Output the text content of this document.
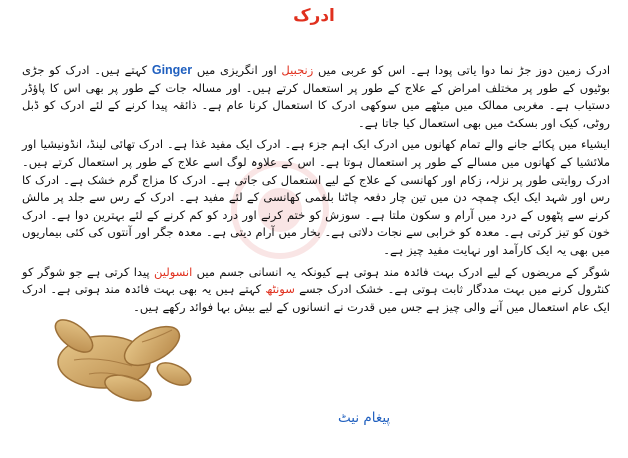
ادرک

ادرک زمین دوز جڑ نما دوا یاتی پودا ہے۔ اس کو عربی میں زنجبیل اور انگریزی میں Ginger کہتے ہیں۔ ادرک کو جڑی بوٹیوں کے طور پر مختلف امراض کے علاج کے طور پر استعمال کرتے ہیں۔ اور مسالہ جات کے طور پر بھی اس کا پاؤڈر دستیاب ہے۔ مغربی ممالک میں میٹھے میں سوکھی ادرک کا استعمال کرنا عام ہے۔ ذائقہ پیدا کرنے کے لئے ادرک کو ڈبل روٹی، کیک اور بسکٹ میں بھی استعمال کیا جاتا ہے۔

ایشیاء میں پکائے جانے والے تمام کھانوں میں ادرک ایک اہم جزء ہے۔ ادرک ایک مفید غذا ہے۔ ادرک تھائی لینڈ، انڈونیشیا اور ملائشیا کے کھانوں میں مسالے کے طور پر استعمال ہوتا ہے۔ اس کے علاوہ لوگ اسے علاج کے طور پر استعمال کرتے ہیں۔ ادرک روایتی طور پر نزلہ، زکام اور کھانسی کے علاج کے لیے استعمال کی جاتی ہے۔ ادرک کا مزاج گرم خشک ہے۔ ادرک کا رس اور شہد ایک ایک چمچہ دن میں تین چار دفعہ چاٹنا بلغمی کھانسی کے لئے مفید ہے۔ ادرک کے رس سے جلد پر مالش کرنے سے پٹھوں کے درد میں آرام و سکون ملتا ہے۔ سوزش کو ختم کرنے اور درد کو کم کرنے کے لئے بہترین دوا ہے۔ ادرک خون کو تیز کرتی ہے۔ معدہ کو خرابی سے نجات دلاتی ہے۔ بخار میں آرام دیتی ہے۔ معدہ جگر اور آنتوں کی کئی بیماریوں میں بھی یہ ایک کارآمد اور نہایت مفید چیز ہے۔

شوگر کے مریضوں کے لیے ادرک بہت فائدہ مند ہوتی ہے کیونکہ یہ انسانی جسم میں انسولین پیدا کرتی ہے جو شوگر کو کنٹرول کرنے میں بہت مددگار ثابت ہوتی ہے۔ خشک ادرک جسے سونٹھ کہتے ہیں یہ بھی بہت فائدہ مند ہوتی ہے۔ ادرک ایک عام استعمال میں آنے والی چیز ہے جس میں قدرت نے انسانوں کے لیے بیش بہا فوائد رکھے ہیں۔

پیغام نیٹ
